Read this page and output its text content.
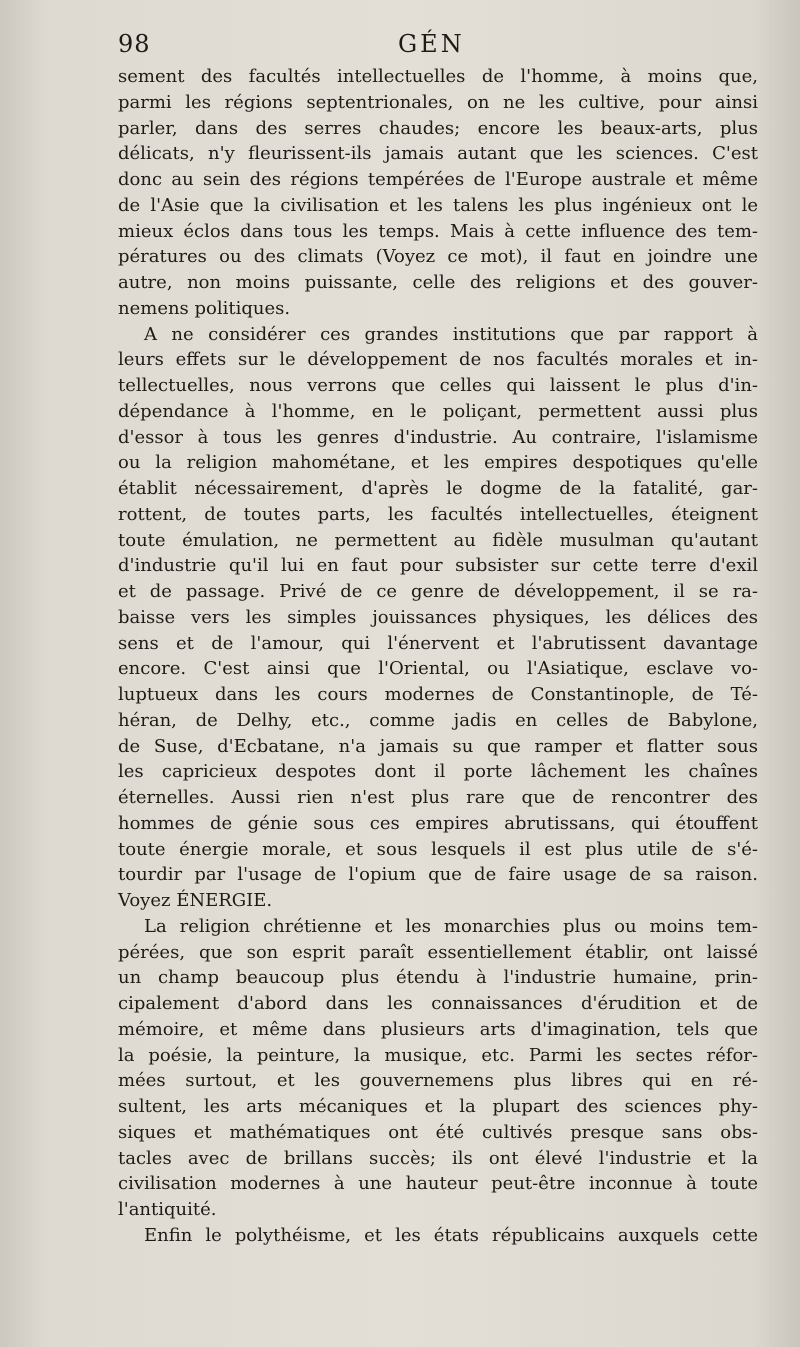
98	GÉN
sement des facultés intellectuelles de l'homme, à moins que,
parmi les régions septentrionales, on ne les cultive, pour ainsi
parler, dans des serres chaudes; encore les beaux-arts, plus
délicats, n'y fleurissent-ils jamais autant que les sciences. C'est
donc au sein des régions tempérées de l'Europe australe et même
de l'Asie que la civilisation et les talens les plus ingénieux ont le
mieux éclos dans tous les temps. Mais à cette influence des tem-
pératures ou des climats (Voyez ce mot), il faut en joindre une
autre, non moins puissante, celle des religions et des gouver-
nemens politiques.
A ne considérer ces grandes institutions que par rapport à
leurs effets sur le développement de nos facultés morales et in-
tellectuelles, nous verrons que celles qui laissent le plus d'in-
dépendance à l'homme, en le poliçant, permettent aussi plus
d'essor à tous les genres d'industrie. Au contraire, l'islamisme
ou la religion mahométane, et les empires despotiques qu'elle
établit nécessairement, d'après le dogme de la fatalité, gar-
rottent, de toutes parts, les facultés intellectuelles, éteignent
toute émulation, ne permettent au fidèle musulman qu'autant
d'industrie qu'il lui en faut pour subsister sur cette terre d'exil
et de passage. Privé de ce genre de développement, il se ra-
baisse vers les simples jouissances physiques, les délices des
sens et de l'amour, qui l'énervent et l'abrutissent davantage
encore. C'est ainsi que l'Oriental, ou l'Asiatique, esclave vo-
luptueux dans les cours modernes de Constantinople, de Té-
héran, de Delhy, etc., comme jadis en celles de Babylone,
de Suse, d'Ecbatane, n'a jamais su que ramper et flatter sous
les capricieux despotes dont il porte lâchement les chaînes
éternelles. Aussi rien n'est plus rare que de rencontrer des
hommes de génie sous ces empires abrutissans, qui étouffent
toute énergie morale, et sous lesquels il est plus utile de s'é-
tourdir par l'usage de l'opium que de faire usage de sa raison.
Voyez ÉNERGIE.
La religion chrétienne et les monarchies plus ou moins tem-
pérées, que son esprit paraît essentiellement établir, ont laissé
un champ beaucoup plus étendu à l'industrie humaine, prin-
cipalement d'abord dans les connaissances d'érudition et de
mémoire, et même dans plusieurs arts d'imagination, tels que
la poésie, la peinture, la musique, etc. Parmi les sectes réfor-
mées surtout, et les gouvernemens plus libres qui en ré-
sultent, les arts mécaniques et la plupart des sciences phy-
siques et mathématiques ont été cultivés presque sans obs-
tacles avec de brillans succès; ils ont élevé l'industrie et la
civilisation modernes à une hauteur peut-être inconnue à toute
l'antiquité.
Enfin le polythéisme, et les états républicains auxquels cette
